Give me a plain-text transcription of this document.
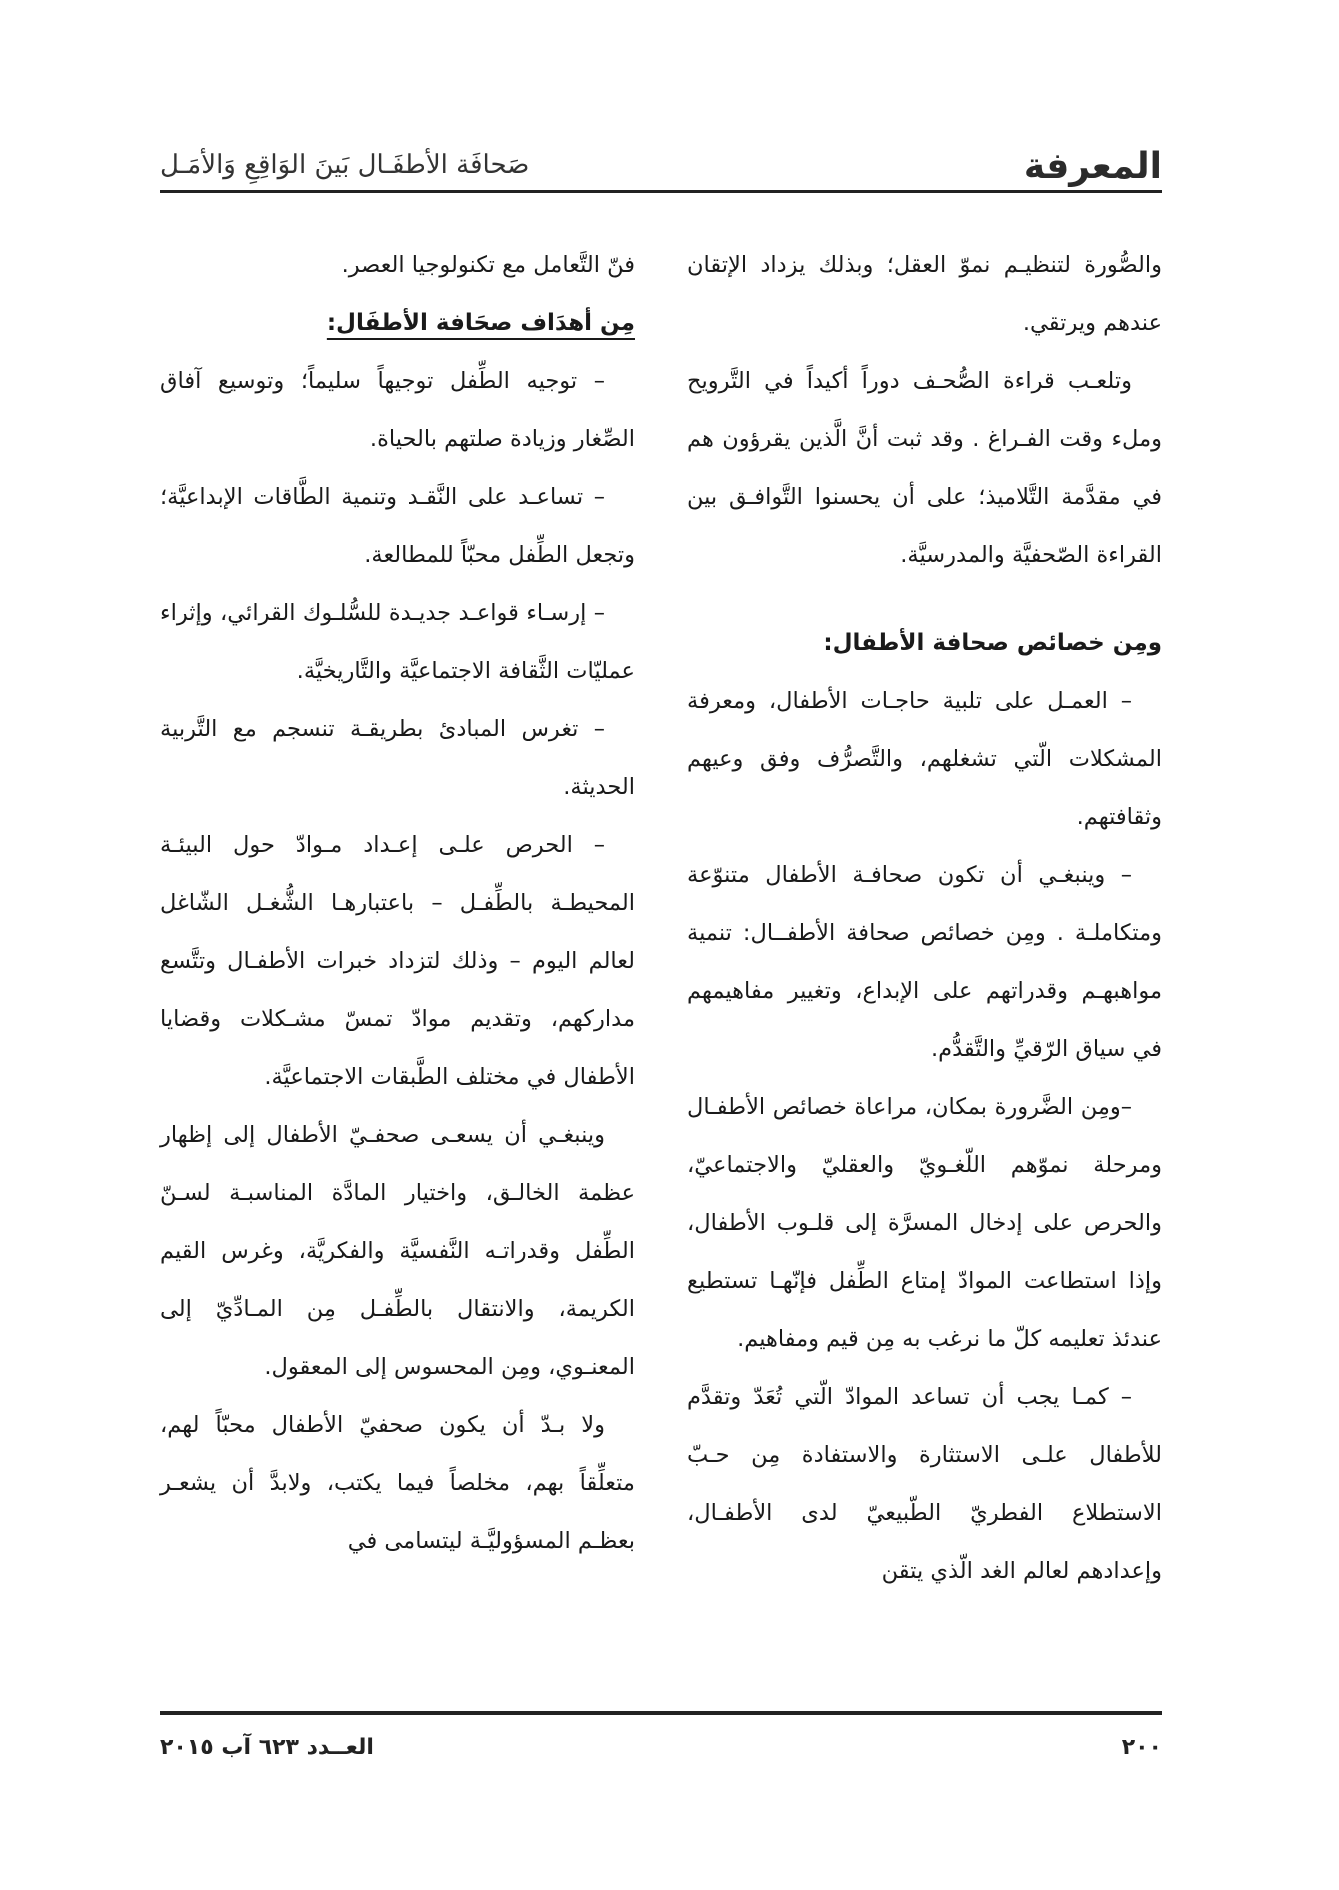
المعرفة
صَحافَة الأطفَـال بَينَ الوَاقِعِ وَالأمَـل

والصُّورة لتنظيـم نموّ العقل؛ وبذلك يزداد الإتقان عندهم ويرتقي.

وتلعـب قراءة الصُّحـف دوراً أكيداً في التَّرويح وملء وقت الفـراغ . وقد ثبت أنَّ الَّذين يقرؤون هم في مقدَّمة التَّلاميذ؛ على أن يحسنوا التَّوافـق بين القراءة الصّحفيَّة والمدرسيَّة.

ومِن خصائص صحافة الأطفال:

– العمـل على تلبية حاجـات الأطفال، ومعرفة المشكلات الّتي تشغلهم، والتَّصرُّف وفق وعيهم وثقافتهم.

– وينبغـي أن تكون صحافـة الأطفال متنوّعة ومتكاملـة . ومِن خصائص صحافة الأطفــال: تنمية مواهبهـم وقدراتهم على الإبداع، وتغيير مفاهيمهم في سياق الرّقيِّ والتَّقدُّم.

–ومِن الضَّرورة بمكان، مراعاة خصائص الأطفـال ومرحلة نموّهم اللّغـويّ والعقليّ والاجتماعيّ، والحرص على إدخال المسرَّة إلى قلـوب الأطفال، وإذا استطاعت الموادّ إمتاع الطِّفل فإنّهـا تستطيع عندئذ تعليمه كلّ ما نرغب به مِن قيم ومفاهيم.

– كمـا يجب أن تساعد الموادّ الّتي تُعَدّ وتقدَّم للأطفال علـى الاستثارة والاستفادة مِن حـبّ الاستطلاع الفطريّ الطّبيعيّ لدى الأطفـال، وإعدادهم لعالم الغد الّذي يتقن

فنّ التَّعامل مع تكنولوجيا العصر.

مِن أهدَاف صحَافة الأطفَال:

– توجيه الطِّفل توجيهاً سليماً؛ وتوسيع آفاق الصِّغار وزيادة صلتهم بالحياة.

– تساعـد على النَّقـد وتنمية الطَّاقات الإبداعيَّة؛ وتجعل الطِّفل محبّاً للمطالعة.

– إرسـاء قواعـد جديـدة للسُّلـوك القرائي، وإثراء عمليّات الثَّقافة الاجتماعيَّة والتَّاريخيَّة.

– تغرس المبادئ بطريقـة تنسجم مع التَّربية الحديثة.

– الحرص علـى إعـداد مـوادّ حول البيئـة المحيطـة بالطِّفـل – باعتبارهـا الشُّغـل الشّاغل لعالم اليوم – وذلك لتزداد خبرات الأطفـال وتتَّسع مداركهم، وتقديم موادّ تمسّ مشـكلات وقضايا الأطفال في مختلف الطَّبقات الاجتماعيَّة.

وينبغـي أن يسعـى صحفـيّ الأطفال إلى إظهار عظمة الخالـق، واختيار المادَّة المناسبـة لسـنّ الطِّفل وقدراتـه النَّفسيَّة والفكريَّة، وغرس القيم الكريمة، والانتقال بالطِّفـل مِن المـادِّيّ إلى المعنـوي، ومِن المحسوس إلى المعقول.

ولا بـدّ أن يكون صحفيّ الأطفال محبّاً لهم، متعلِّقاً بهم، مخلصاً فيما يكتب، ولابدَّ أن يشعـر بعظـم المسؤوليَّـة ليتسامى في

٢٠٠
العــدد ٦٢٣ آب ٢٠١٥
